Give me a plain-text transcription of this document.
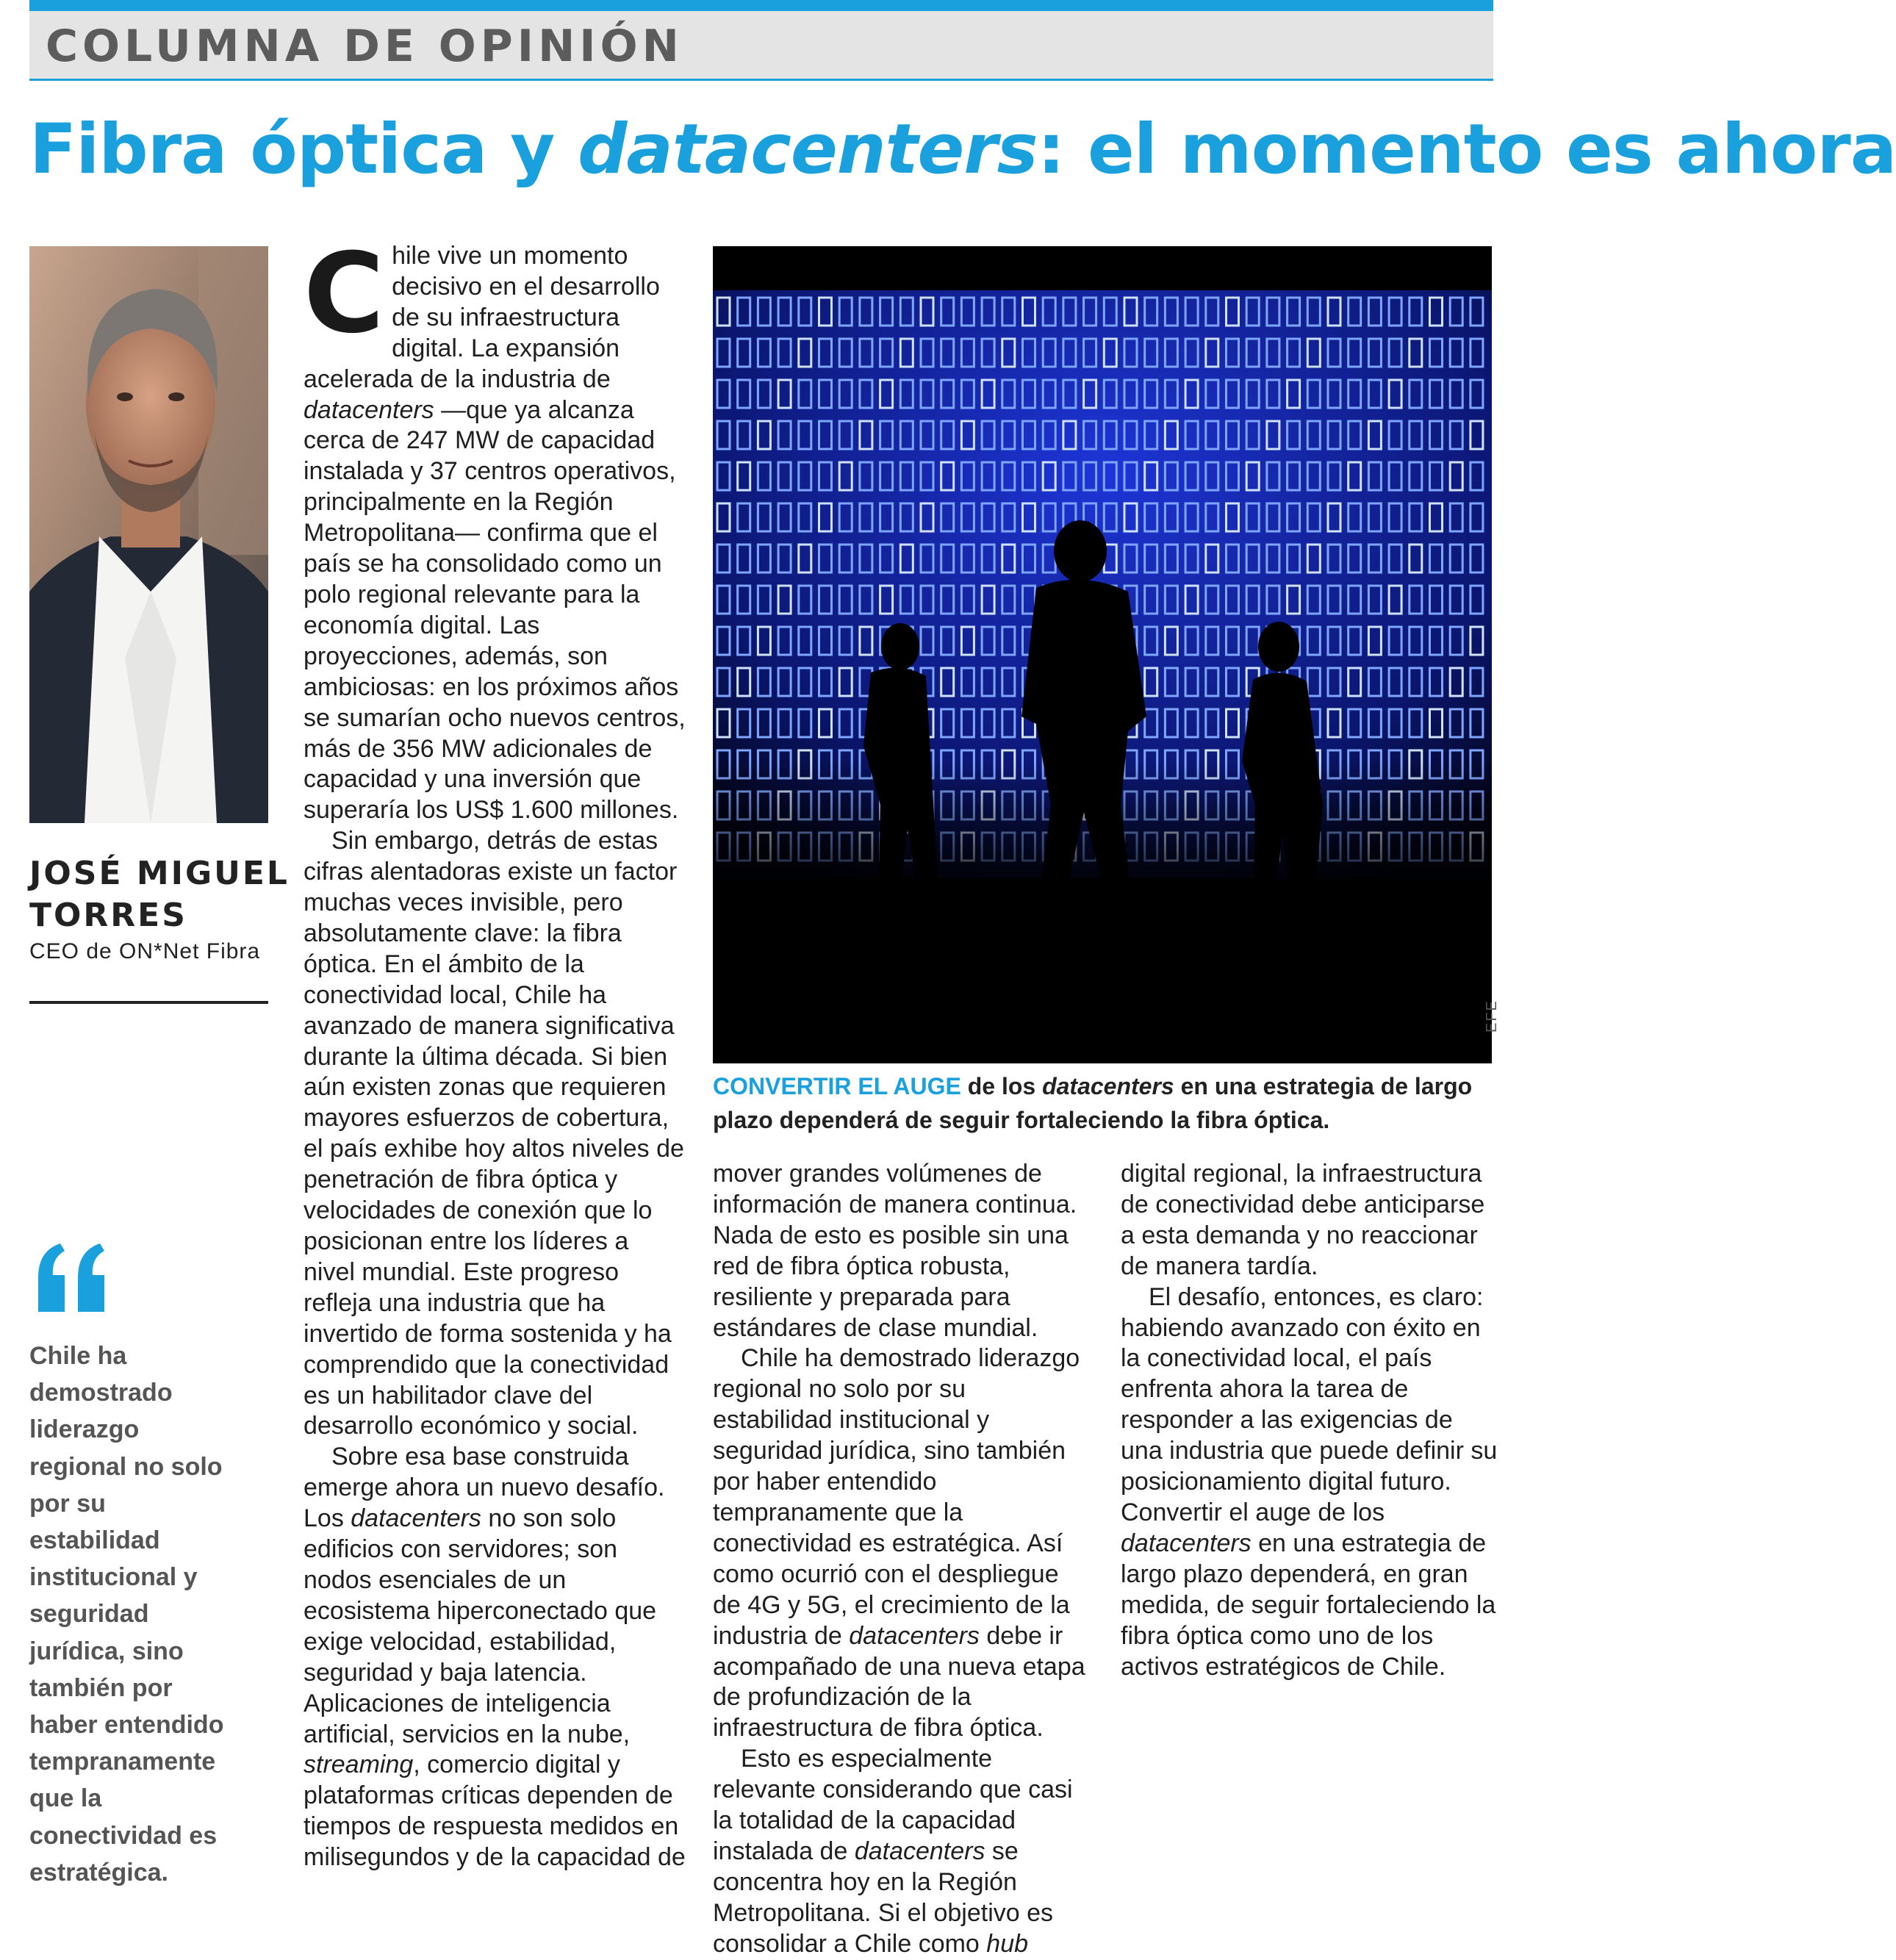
COLUMNA DE OPINIÓN
Fibra óptica y datacenters: el momento es ahora
JOSÉ MIGUEL
TORRES

CEO de ON*Net Fibra

Chile ha demostrado liderazgo regional no solo por su estabilidad institucional y seguridad jurídica, sino también por haber entendido tempranamente que la conectividad es estratégica.

C hile vive un momento decisivo en el desarrollo de su infraestructura digital. La expansión acelerada de la industria de datacenters —que ya alcanza cerca de 247 MW de capacidad instalada y 37 centros operativos, principalmente en la Región Metropolitana— confirma que el país se ha consolidado como un polo regional relevante para la economía digital. Las proyecciones, además, son ambiciosas: en los próximos años se sumarían ocho nuevos centros, más de 356 MW adicionales de capacidad y una inversión que superaría los US$ 1.600 millones.

Sin embargo, detrás de estas cifras alentadoras existe un factor muchas veces invisible, pero absolutamente clave: la fibra óptica. En el ámbito de la conectividad local, Chile ha avanzado de manera significativa durante la última década. Si bien aún existen zonas que requieren mayores esfuerzos de cobertura, el país exhibe hoy altos niveles de penetración de fibra óptica y velocidades de conexión que lo posicionan entre los líderes a nivel mundial. Este progreso refleja una industria que ha invertido de forma sostenida y ha comprendido que la conectividad es un habilitador clave del desarrollo económico y social.

Sobre esa base construida emerge ahora un nuevo desafío. Los datacenters no son solo edificios con servidores; son nodos esenciales de un ecosistema hiperconectado que exige velocidad, estabilidad, seguridad y baja latencia. Aplicaciones de inteligencia artificial, servicios en la nube, streaming, comercio digital y plataformas críticas dependen de tiempos de respuesta medidos en milisegundos y de la capacidad de

EFE

CONVERTIR EL AUGE de los datacenters en una estrategia de largo plazo dependerá de seguir fortaleciendo la fibra óptica.

mover grandes volúmenes de información de manera continua. Nada de esto es posible sin una red de fibra óptica robusta, resiliente y preparada para estándares de clase mundial.

Chile ha demostrado liderazgo regional no solo por su estabilidad institucional y seguridad jurídica, sino también por haber entendido tempranamente que la conectividad es estratégica. Así como ocurrió con el despliegue de 4G y 5G, el crecimiento de la industria de datacenters debe ir acompañado de una nueva etapa de profundización de la infraestructura de fibra óptica.

Esto es especialmente relevante considerando que casi la totalidad de la capacidad instalada de datacenters se concentra hoy en la Región Metropolitana. Si el objetivo es consolidar a Chile como hub

digital regional, la infraestructura de conectividad debe anticiparse a esta demanda y no reaccionar de manera tardía.

El desafío, entonces, es claro: habiendo avanzado con éxito en la conectividad local, el país enfrenta ahora la tarea de responder a las exigencias de una industria que puede definir su posicionamiento digital futuro. Convertir el auge de los datacenters en una estrategia de largo plazo dependerá, en gran medida, de seguir fortaleciendo la fibra óptica como uno de los activos estratégicos de Chile.
